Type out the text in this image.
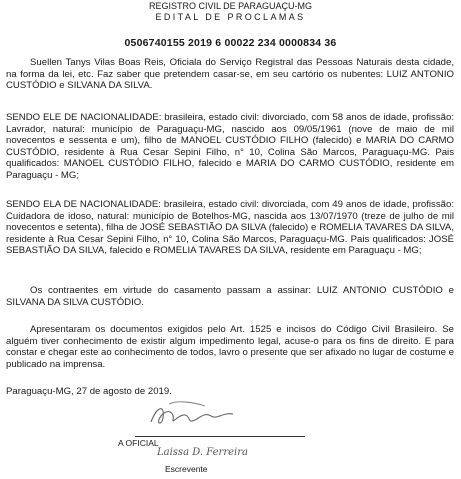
REGISTRO CIVIL DE PARAGUAÇU-MG
EDITAL DE PROCLAMAS
0506740155 2019 6 00022 234 0000834 36

Suellen Tanys Vilas Boas Reis, Oficiala do Serviço Registral das Pessoas Naturais desta cidade, na forma da lei, etc. Faz saber que pretendem casar-se, em seu cartório os nubentes: LUIZ ANTONIO CUSTÓDIO e SILVANA DA SILVA.

SENDO ELE DE NACIONALIDADE: brasileira, estado civil: divorciado, com 58 anos de idade, profissão: Lavrador, natural: município de Paraguaçu-MG, nascido aos 09/05/1961 (nove de maio de mil novecentos e sessenta e um), filho de MANOEL CUSTÓDIO FILHO (falecido) e MARIA DO CARMO CUSTÓDIO, residente à Rua Cesar Sepini Filho, n° 10, Colina São Marcos, Paraguaçu-MG. Pais qualificados: MANOEL CUSTÓDIO FILHO, falecido e MARIA DO CARMO CUSTÓDIO, residente em Paraguaçu - MG;

SENDO ELA DE NACIONALIDADE: brasileira, estado civil: divorciada, com 49 anos de idade, profissão: Cuidadora de idoso, natural: município de Botelhos-MG, nascida aos 13/07/1970 (treze de julho de mil novecentos e setenta), filha de JOSÉ SEBASTIÃO DA SILVA (falecido) e ROMELIA TAVARES DA SILVA, residente à Rua Cesar Sepini Filho, n° 10, Colina São Marcos, Paraguaçu-MG. Pais qualificados: JOSÉ SEBASTIÃO DA SILVA, falecido e ROMELIA TAVARES DA SILVA, residente em Paraguaçu - MG;

Os contraentes em virtude do casamento passam a assinar: LUIZ ANTONIO CUSTÓDIO e SILVANA DA SILVA CUSTÓDIO.

Apresentaram os documentos exigidos pelo Art. 1525 e incisos do Código Civil Brasileiro. Se alguém tiver conhecimento de existir algum impedimento legal, acuse-o para os fins de direito. E para constar e chegar este ao conhecimento de todos, lavro o presente que ser afixado no lugar de costume e publicado na imprensa.

Paraguaçu-MG, 27 de agosto de 2019.
A OFICIAL
Laissa D. Ferreira
Escrevente
